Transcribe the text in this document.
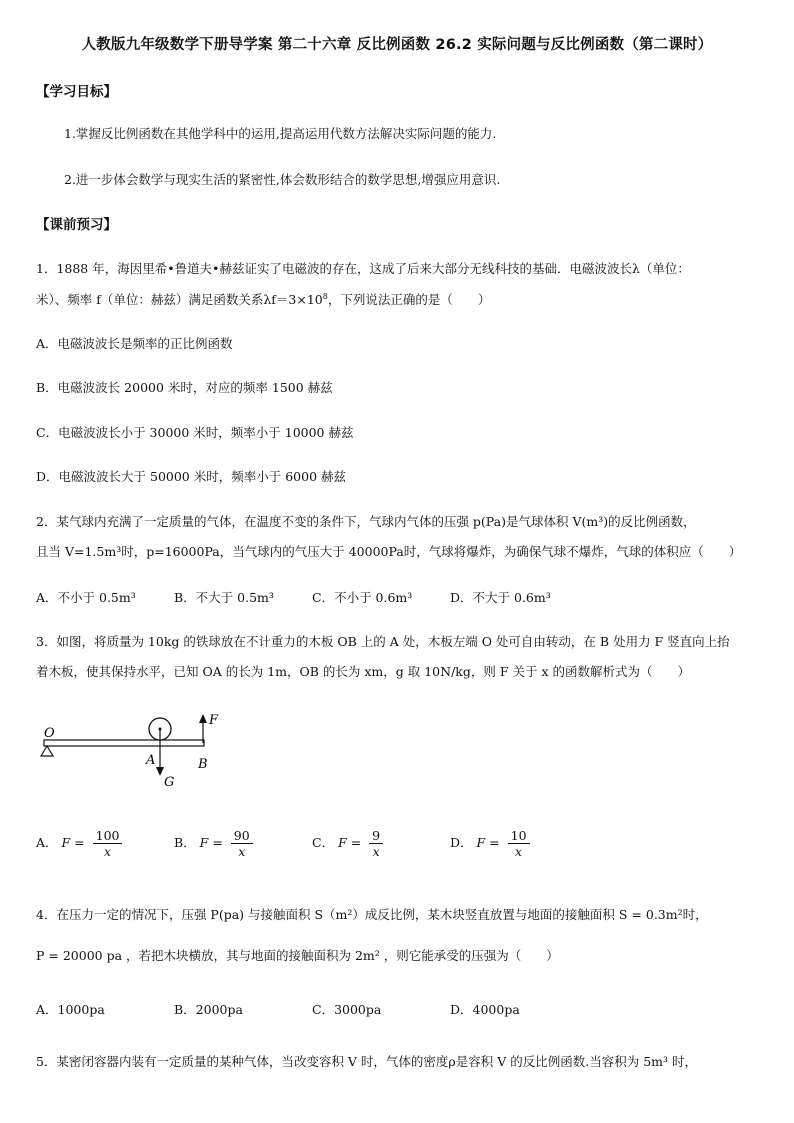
人教版九年级数学下册导学案 第二十六章 反比例函数 26.2 实际问题与反比例函数（第二课时）
【学习目标】
1.掌握反比例函数在其他学科中的运用,提高运用代数方法解决实际问题的能力.
2.进一步体会数学与现实生活的紧密性,体会数形结合的数学思想,增强应用意识.
【课前预习】
1．1888 年，海因里希•鲁道夫•赫兹证实了电磁波的存在，这成了后来大部分无线科技的基础．电磁波波长λ（单位：
米）、频率 f（单位：赫兹）满足函数关系$\lambda f=3\times 10^8$，下列说法正确的是（　　）
A．电磁波波长是频率的正比例函数
B．电磁波波长 20000 米时，对应的频率 1500 赫兹
C．电磁波波长小于 30000 米时，频率小于 10000 赫兹
D．电磁波波长大于 50000 米时，频率小于 6000 赫兹
2．某气球内充满了一定质量的气体，在温度不变的条件下，气球内气体的压强 p(Pa)是气球体积 V(m³)的反比例函数，
且当 V=1.5m³时，p=16000Pa，当气球内的气压大于 40000Pa时，气球将爆炸，为确保气球不爆炸，气球的体积应（　　）
A．不小于 0.5m³	B．不大于 0.5m³	C．不小于 0.6m³	D．不大于 0.6m³
3．如图，将质量为 10kg 的铁球放在不计重力的木板 OB 上的 A 处，木板左端 O 处可自由转动，在 B 处用力 F 竖直向上抬
着木板，使其保持水平，已知 OA 的长为 1m，OB 的长为 xm，g 取 10N/kg，则 F 关于 x 的函数解析式为（　　）
O
A	B
F
G
A． $F = \frac{100}{x}$	B． $F = \frac{90}{x}$	C． $F = \frac{9}{x}$	D． $F = \frac{10}{x}$
4．在压力一定的情况下，压强 P(pa) 与接触面积 S（m²）成反比例，某木块竖直放置与地面的接触面积 S = 0.3m²时，
P = 20000 pa ，若把木块横放，其与地面的接触面积为 2m² ，则它能承受的压强为（　　）
A．1000pa	B．2000pa	C．3000pa	D．4000pa
5．某密闭容器内装有一定质量的某种气体，当改变容积 V 时，气体的密度ρ是容积 V 的反比例函数.当容积为 5m³ 时，
